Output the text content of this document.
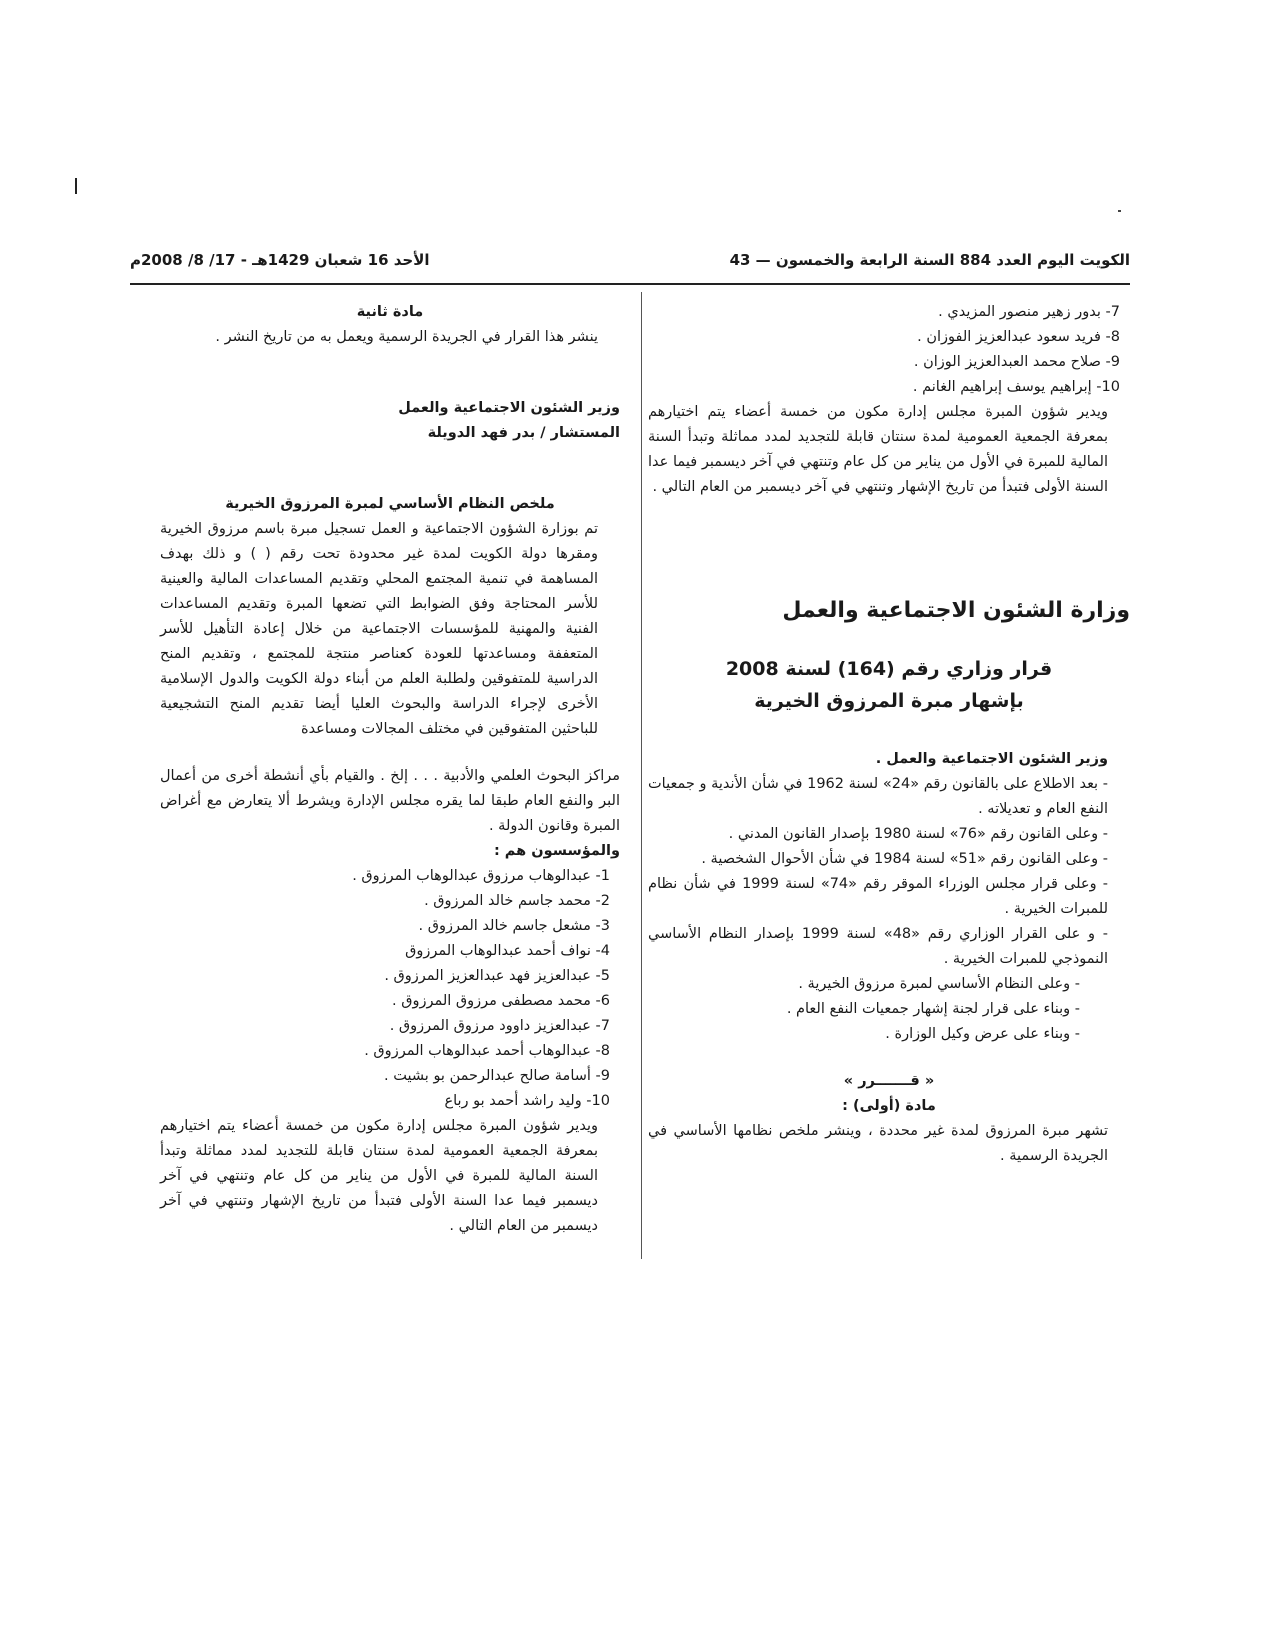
الكويت اليوم العدد 884 السنة الرابعة والخمسون — 43
الأحد 16 شعبان 1429هـ - 17/ 8/ 2008م

7- بدور زهير منصور المزيدي .

8- فريد سعود عبدالعزيز الفوزان .

9- صلاح محمد العبدالعزيز الوزان .

10- إبراهيم يوسف إبراهيم الغانم .

ويدير شؤون المبرة مجلس إدارة مكون من خمسة أعضاء يتم اختيارهم بمعرفة الجمعية العمومية لمدة سنتان قابلة للتجديد لمدد مماثلة وتبدأ السنة المالية للمبرة في الأول من يناير من كل عام وتنتهي في آخر ديسمبر فيما عدا السنة الأولى فتبدأ من تاريخ الإشهار وتنتهي في آخر ديسمبر من العام التالي .

وزارة الشئون الاجتماعية والعمل

قرار وزاري رقم (164) لسنة 2008

بإشهار مبرة المرزوق الخيرية

وزير الشئون الاجتماعية والعمل .

- بعد الاطلاع على بالقانون رقم «24» لسنة 1962 في شأن الأندية و جمعيات النفع العام و تعديلاته .

- وعلى القانون رقم «76» لسنة 1980 بإصدار القانون المدني .

- وعلى القانون رقم «51» لسنة 1984 في شأن الأحوال الشخصية .

- وعلى قرار مجلس الوزراء الموقر رقم «74» لسنة 1999 في شأن نظام للمبرات الخيرية .

- و على القرار الوزاري رقم «48» لسنة 1999 بإصدار النظام الأساسي النموذجي للمبرات الخيرية .

- وعلى النظام الأساسي لمبرة مرزوق الخيرية .

- وبناء على قرار لجنة إشهار جمعيات النفع العام .

- وبناء على عرض وكيل الوزارة .

« قـــــــرر »

مادة (أولى) :

تشهر مبرة المرزوق لمدة غير محددة ، وينشر ملخص نظامها الأساسي في الجريدة الرسمية .

مادة ثانية

ينشر هذا القرار في الجريدة الرسمية ويعمل به من تاريخ النشر .

وزير الشئون الاجتماعية والعمل

المستشار / بدر فهد الدويلة

ملخص النظام الأساسي لمبرة المرزوق الخيرية

تم بوزارة الشؤون الاجتماعية و العمل تسجيل مبرة باسم مرزوق الخيرية ومقرها دولة الكويت لمدة غير محدودة تحت رقم ( ) و ذلك بهدف المساهمة في تنمية المجتمع المحلي وتقديم المساعدات المالية والعينية للأسر المحتاجة وفق الضوابط التي تضعها المبرة وتقديم المساعدات الفنية والمهنية للمؤسسات الاجتماعية من خلال إعادة التأهيل للأسر المتعففة ومساعدتها للعودة كعناصر منتجة للمجتمع ، وتقديم المنح الدراسية للمتفوقين ولطلبة العلم من أبناء دولة الكويت والدول الإسلامية الأخرى لإجراء الدراسة والبحوث العليا أيضا تقديم المنح التشجيعية للباحثين المتفوقين في مختلف المجالات ومساعدة

مراكز البحوث العلمي والأدبية . . . إلخ . والقيام بأي أنشطة أخرى من أعمال البر والنفع العام طبقا لما يقره مجلس الإدارة ويشرط ألا يتعارض مع أغراض المبرة وقانون الدولة .

والمؤسسون هم :

1- عبدالوهاب مرزوق عبدالوهاب المرزوق .

2- محمد جاسم خالد المرزوق .

3- مشعل جاسم خالد المرزوق .

4- نواف أحمد عبدالوهاب المرزوق

5- عبدالعزيز فهد عبدالعزيز المرزوق .

6- محمد مصطفى مرزوق المرزوق .

7- عبدالعزيز داوود مرزوق المرزوق .

8- عبدالوهاب أحمد عبدالوهاب المرزوق .

9- أسامة صالح عبدالرحمن بو بشيت .

10- وليد راشد أحمد بو رباع

ويدير شؤون المبرة مجلس إدارة مكون من خمسة أعضاء يتم اختيارهم بمعرفة الجمعية العمومية لمدة سنتان قابلة للتجديد لمدد مماثلة وتبدأ السنة المالية للمبرة في الأول من يناير من كل عام وتنتهي في آخر ديسمبر فيما عدا السنة الأولى فتبدأ من تاريخ الإشهار وتنتهي في آخر ديسمبر من العام التالي .
